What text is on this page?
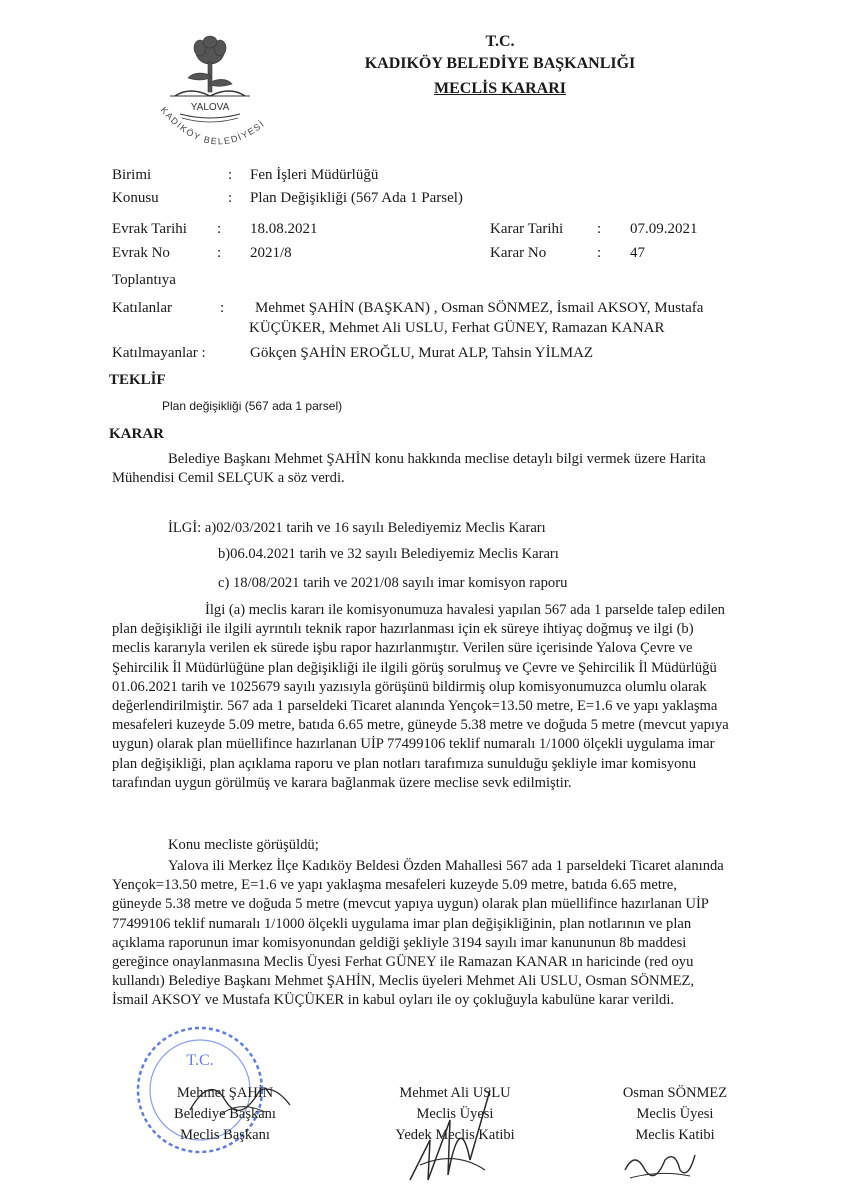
YALOVA
KADIKÖY BELEDİYESİ
T.C.
KADIKÖY BELEDİYE BAŞKANLIĞI
MECLİS KARARI
Birimi	: Fen İşleri Müdürlüğü
Konusu	: Plan Değişikliği (567 Ada 1 Parsel)
Evrak Tarihi : 18.08.2021	Karar Tarihi : 07.09.2021
Evrak No	: 2021/8	Karar No	: 47
Toplantıya
Katılanlar	: Mehmet ŞAHİN (BAŞKAN) , Osman SÖNMEZ, İsmail AKSOY, Mustafa
KÜÇÜKER, Mehmet Ali USLU, Ferhat GÜNEY, Ramazan KANAR
Katılmayanlar :	Gökçen ŞAHİN EROĞLU, Murat ALP, Tahsin YİLMAZ
TEKLİF
Plan değişikliği (567 ada 1 parsel)
KARAR
Belediye Başkanı Mehmet ŞAHİN konu hakkında meclise detaylı bilgi vermek üzere Harita
Mühendisi Cemil SELÇUK a söz verdi.
İLGİ: a)02/03/2021 tarih ve 16 sayılı Belediyemiz Meclis Kararı
b)06.04.2021 tarih ve 32 sayılı Belediyemiz Meclis Kararı
c) 18/08/2021 tarih ve 2021/08 sayılı imar komisyon raporu

İlgi (a) meclis kararı ile komisyonumuza havalesi yapılan 567 ada 1 parselde talep edilen

plan değişikliği ile ilgili ayrıntılı teknik rapor hazırlanması için ek süreye ihtiyaç doğmuş ve ilgi (b)

meclis kararıyla verilen ek sürede işbu rapor hazırlanmıştır. Verilen süre içerisinde Yalova Çevre ve

Şehircilik İl Müdürlüğüne plan değişikliği ile ilgili görüş sorulmuş ve Çevre ve Şehircilik İl Müdürlüğü

01.06.2021 tarih ve 1025679 sayılı yazısıyla görüşünü bildirmiş olup komisyonumuzca olumlu olarak

değerlendirilmiştir. 567 ada 1 parseldeki Ticaret alanında Yençok=13.50 metre, E=1.6 ve yapı yaklaşma

mesafeleri kuzeyde 5.09 metre, batıda 6.65 metre, güneyde 5.38 metre ve doğuda 5 metre (mevcut yapıya

uygun) olarak plan müellifince hazırlanan UİP 77499106 teklif numaralı 1/1000 ölçekli uygulama imar

plan değişikliği, plan açıklama raporu ve plan notları tarafımıza sunulduğu şekliyle imar komisyonu

tarafından uygun görülmüş ve karara bağlanmak üzere meclise sevk edilmiştir.

Konu mecliste görüşüldü;

Yalova ili Merkez İlçe Kadıköy Beldesi Özden Mahallesi 567 ada 1 parseldeki Ticaret alanında

Yençok=13.50 metre, E=1.6 ve yapı yaklaşma mesafeleri kuzeyde 5.09 metre, batıda 6.65 metre,

güneyde 5.38 metre ve doğuda 5 metre (mevcut yapıya uygun) olarak plan müellifince hazırlanan UİP

77499106 teklif numaralı 1/1000 ölçekli uygulama imar plan değişikliğinin, plan notlarının ve plan

açıklama raporunun imar komisyonundan geldiği şekliyle 3194 sayılı imar kanununun 8b maddesi

gereğince onaylanmasına Meclis Üyesi Ferhat GÜNEY ile Ramazan KANAR ın haricinde (red oyu

kullandı) Belediye Başkanı Mehmet ŞAHİN, Meclis üyeleri Mehmet Ali USLU, Osman SÖNMEZ,

İsmail AKSOY ve Mustafa KÜÇÜKER in kabul oyları ile oy çokluğuyla kabulüne karar verildi.

T.C.
Mehmet ŞAHİN
Belediye Başkanı
Meclis Başkanı
Mehmet Ali USLU
Meclis Üyesi
Yedek Meclis Katibi
Osman SÖNMEZ
Meclis Üyesi
Meclis Katibi
